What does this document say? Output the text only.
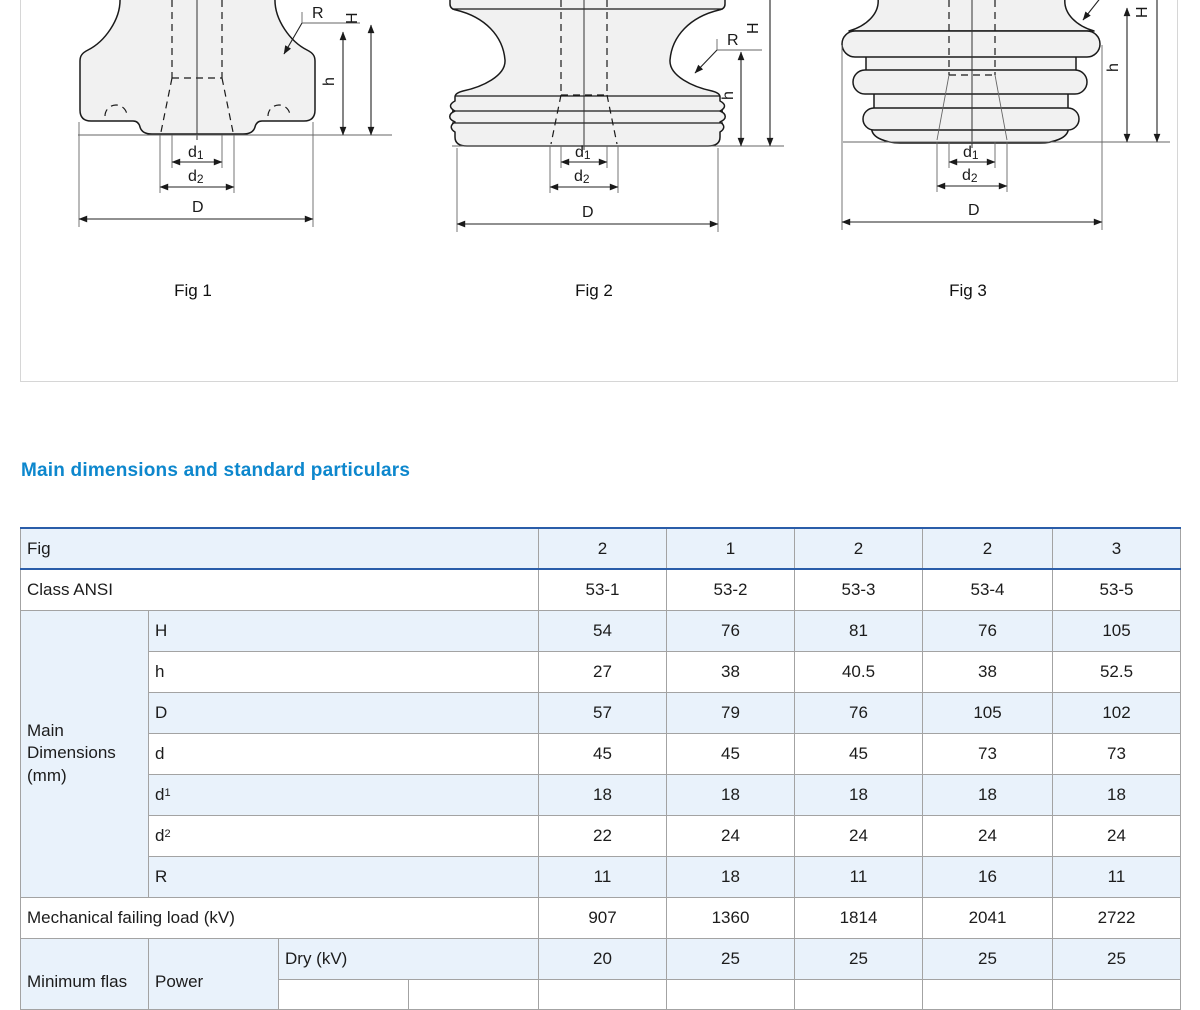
d1
d2
D
h
H
R
d1
d2
D
h
H
R
d1
d2
D
h
H
Fig 1	Fig 2	Fig 3
Main dimensions and standard particulars
Fig				2	1	2	2	3
Class ANSI				53-1	53-2	53-3	53-4	53-5
Main Dimensions (mm)	H			54	76	81	76	105
	h			27	38	40.5	38	52.5
	D			57	79	76	105	102
	d			45	45	45	73	73
	$d^1$			18	18	18	18	18
	$d^2$			22	24	24	24	24
	R			11	18	11	16	11
Mechanical failing load (kV)				907	1360	1814	2041	2722
Minimum flas	Power	Dry (kV)		20	25	25	25	25
